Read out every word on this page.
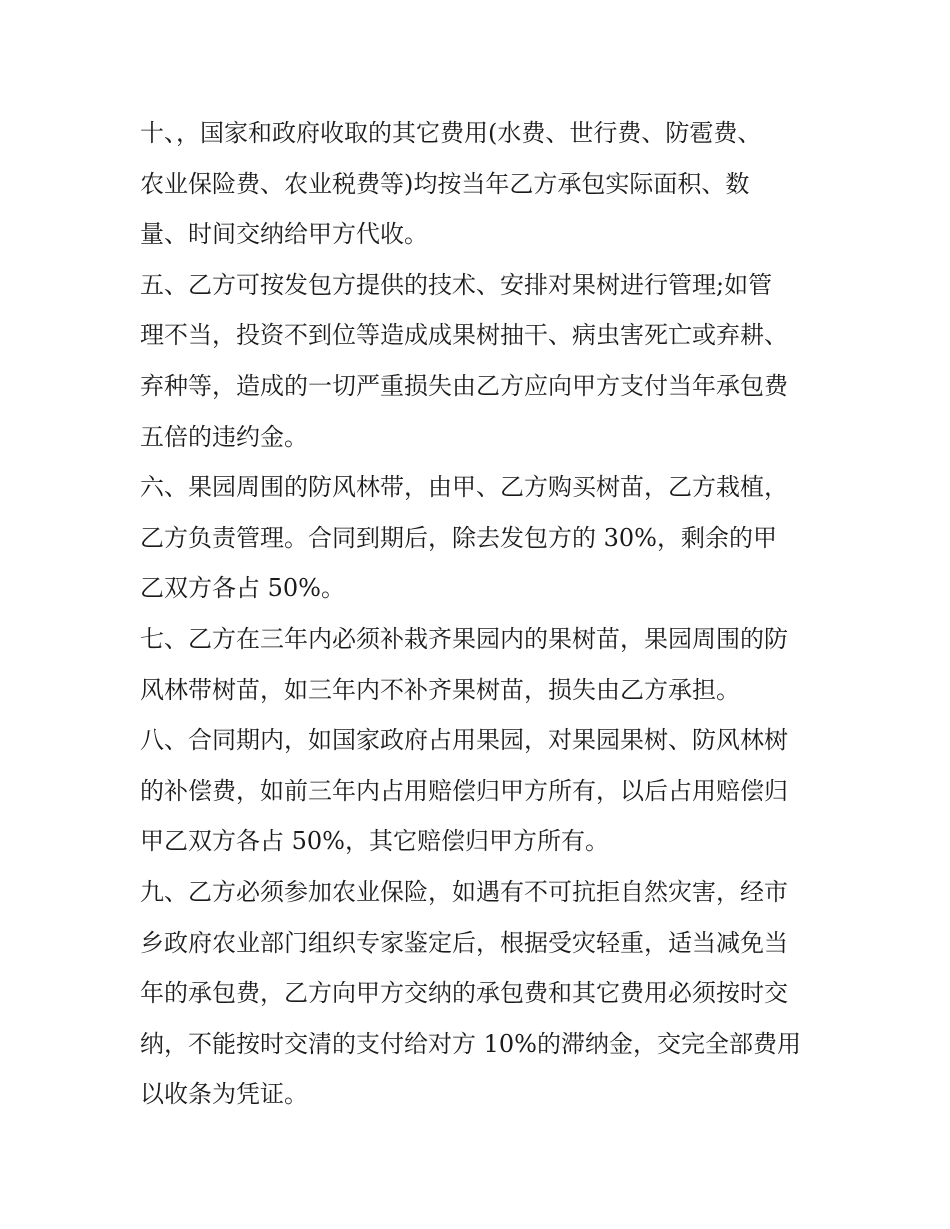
十、，国家和政府收取的其它费用(水费、世行费、防雹费、
农业保险费、农业税费等)均按当年乙方承包实际面积、数
量、时间交纳给甲方代收。
五、乙方可按发包方提供的技术、安排对果树进行管理;如管
理不当，投资不到位等造成成果树抽干、病虫害死亡或弃耕、
弃种等，造成的一切严重损失由乙方应向甲方支付当年承包费
五倍的违约金。
六、果园周围的防风林带，由甲、乙方购买树苗，乙方栽植，
乙方负责管理。合同到期后，除去发包方的 30%，剩余的甲
乙双方各占 50%。
七、乙方在三年内必须补栽齐果园内的果树苗，果园周围的防
风林带树苗，如三年内不补齐果树苗，损失由乙方承担。
八、合同期内，如国家政府占用果园，对果园果树、防风林树
的补偿费，如前三年内占用赔偿归甲方所有，以后占用赔偿归
甲乙双方各占 50%，其它赔偿归甲方所有。
九、乙方必须参加农业保险，如遇有不可抗拒自然灾害，经市
乡政府农业部门组织专家鉴定后，根据受灾轻重，适当减免当
年的承包费，乙方向甲方交纳的承包费和其它费用必须按时交
纳，不能按时交清的支付给对方 10%的滞纳金，交完全部费用
以收条为凭证。
